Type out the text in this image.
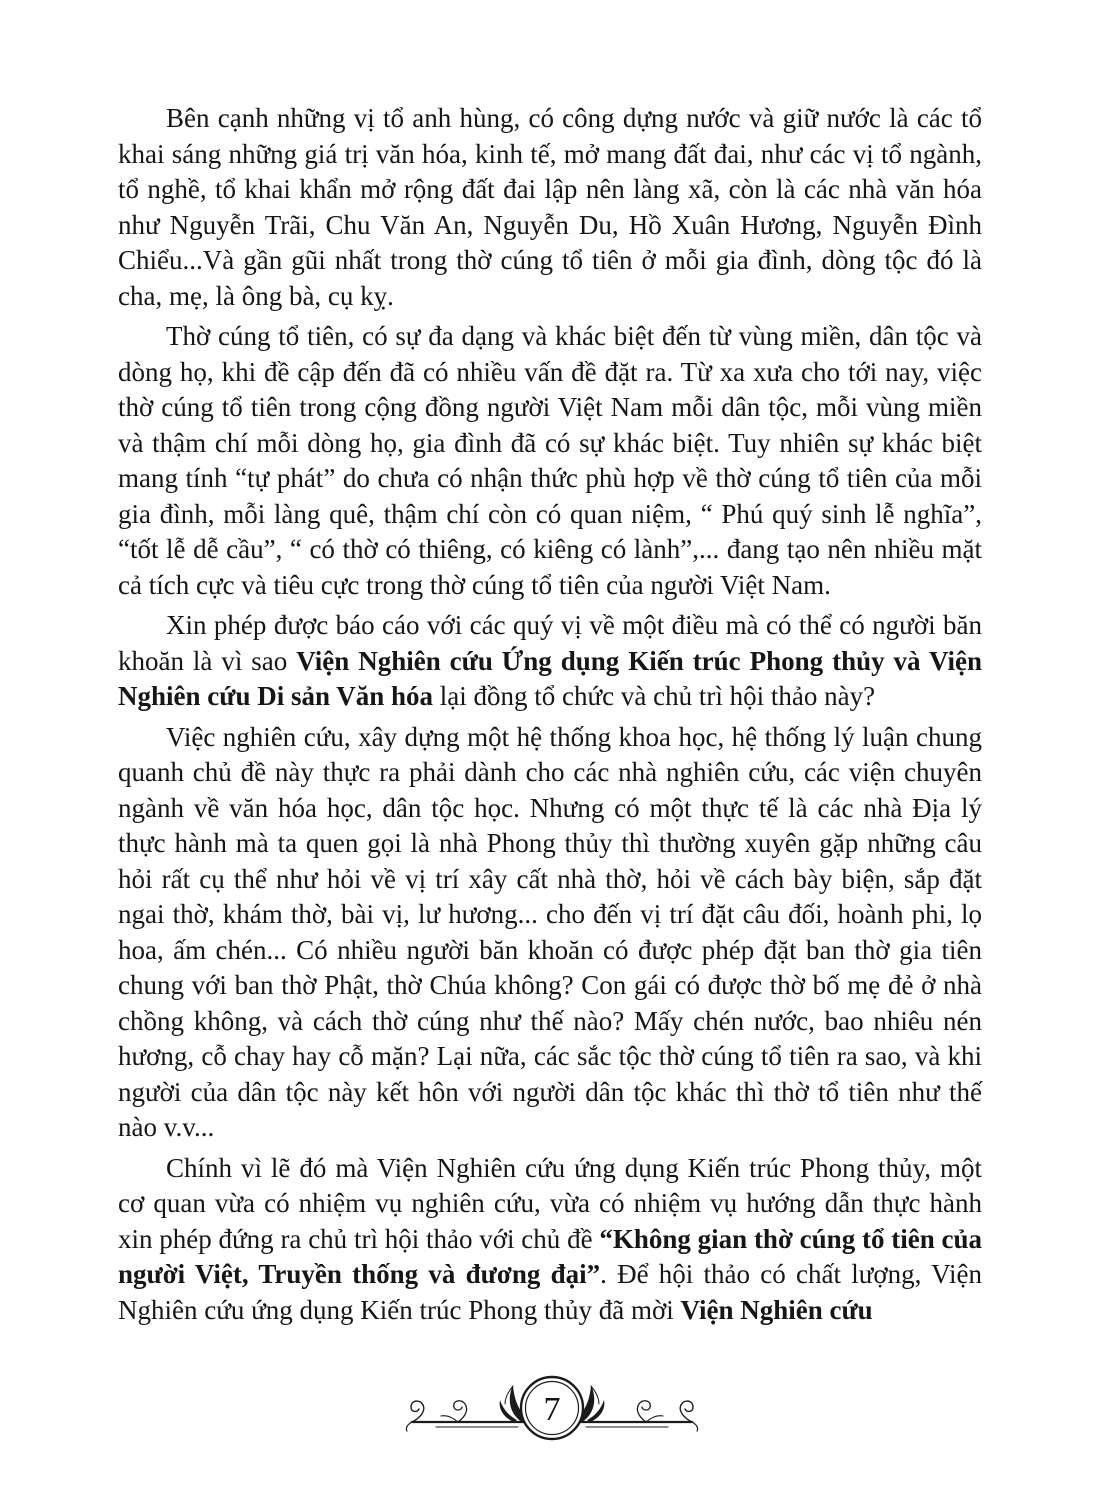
Bên cạnh những vị tổ anh hùng, có công dựng nước và giữ nước là các tổ khai sáng những giá trị văn hóa, kinh tế, mở mang đất đai, như các vị tổ ngành, tổ nghề, tổ khai khẩn mở rộng đất đai lập nên làng xã, còn là các nhà văn hóa như Nguyễn Trãi, Chu Văn An, Nguyễn Du, Hồ Xuân Hương, Nguyễn Đình Chiểu...Và gần gũi nhất trong thờ cúng tổ tiên ở mỗi gia đình, dòng tộc đó là cha, mẹ, là ông bà, cụ kỵ.

Thờ cúng tổ tiên, có sự đa dạng và khác biệt đến từ vùng miền, dân tộc và dòng họ, khi đề cập đến đã có nhiều vấn đề đặt ra. Từ xa xưa cho tới nay, việc thờ cúng tổ tiên trong cộng đồng người Việt Nam mỗi dân tộc, mỗi vùng miền và thậm chí mỗi dòng họ, gia đình đã có sự khác biệt. Tuy nhiên sự khác biệt mang tính “tự phát” do chưa có nhận thức phù hợp về thờ cúng tổ tiên của mỗi gia đình, mỗi làng quê, thậm chí còn có quan niệm, “ Phú quý sinh lễ nghĩa”, “tốt lễ dễ cầu”, “ có thờ có thiêng, có kiêng có lành”,... đang tạo nên nhiều mặt cả tích cực và tiêu cực trong thờ cúng tổ tiên của người Việt Nam.

Xin phép được báo cáo với các quý vị về một điều mà có thể có người băn khoăn là vì sao Viện Nghiên cứu Ứng dụng Kiến trúc Phong thủy và Viện Nghiên cứu Di sản Văn hóa lại đồng tổ chức và chủ trì hội thảo này?

Việc nghiên cứu, xây dựng một hệ thống khoa học, hệ thống lý luận chung quanh chủ đề này thực ra phải dành cho các nhà nghiên cứu, các viện chuyên ngành về văn hóa học, dân tộc học. Nhưng có một thực tế là các nhà Địa lý thực hành mà ta quen gọi là nhà Phong thủy thì thường xuyên gặp những câu hỏi rất cụ thể như hỏi về vị trí xây cất nhà thờ, hỏi về cách bày biện, sắp đặt ngai thờ, khám thờ, bài vị, lư hương... cho đến vị trí đặt câu đối, hoành phi, lọ hoa, ấm chén... Có nhiều người băn khoăn có được phép đặt ban thờ gia tiên chung với ban thờ Phật, thờ Chúa không? Con gái có được thờ bố mẹ đẻ ở nhà chồng không, và cách thờ cúng như thế nào? Mấy chén nước, bao nhiêu nén hương, cỗ chay hay cỗ mặn? Lại nữa, các sắc tộc thờ cúng tổ tiên ra sao, và khi người của dân tộc này kết hôn với người dân tộc khác thì thờ tổ tiên như thế nào v.v...

Chính vì lẽ đó mà Viện Nghiên cứu ứng dụng Kiến trúc Phong thủy, một cơ quan vừa có nhiệm vụ nghiên cứu, vừa có nhiệm vụ hướng dẫn thực hành xin phép đứng ra chủ trì hội thảo với chủ đề “Không gian thờ cúng tổ tiên của người Việt, Truyền thống và đương đại”. Để hội thảo có chất lượng, Viện Nghiên cứu ứng dụng Kiến trúc Phong thủy đã mời Viện Nghiên cứu

7
